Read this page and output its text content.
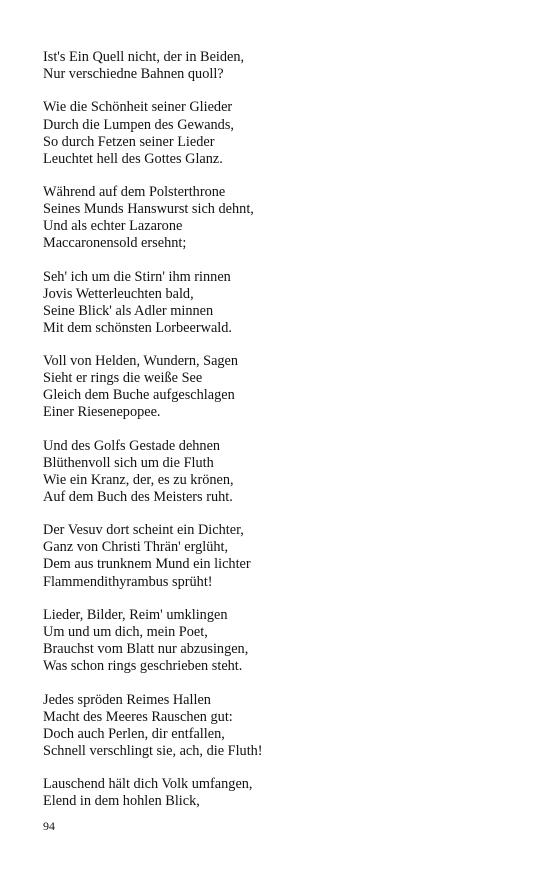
Ist's Ein Quell nicht, der in Beiden,
Nur verschiedne Bahnen quoll?
Wie die Schönheit seiner Glieder
Durch die Lumpen des Gewands,
So durch Fetzen seiner Lieder
Leuchtet hell des Gottes Glanz.
Während auf dem Polsterthrone
Seines Munds Hanswurst sich dehnt,
Und als echter Lazarone
Maccaronensold ersehnt;
Seh' ich um die Stirn' ihm rinnen
Jovis Wetterleuchten bald,
Seine Blick' als Adler minnen
Mit dem schönsten Lorbeerwald.
Voll von Helden, Wundern, Sagen
Sieht er rings die weiße See
Gleich dem Buche aufgeschlagen
Einer Riesenepopee.
Und des Golfs Gestade dehnen
Blüthenvoll sich um die Fluth
Wie ein Kranz, der, es zu krönen,
Auf dem Buch des Meisters ruht.
Der Vesuv dort scheint ein Dichter,
Ganz von Christi Thrän' erglüht,
Dem aus trunknem Mund ein lichter
Flammendithyrambus sprüht!
Lieder, Bilder, Reim' umklingen
Um und um dich, mein Poet,
Brauchst vom Blatt nur abzusingen,
Was schon rings geschrieben steht.
Jedes spröden Reimes Hallen
Macht des Meeres Rauschen gut:
Doch auch Perlen, dir entfallen,
Schnell verschlingt sie, ach, die Fluth!
Lauschend hält dich Volk umfangen,
Elend in dem hohlen Blick,
94
